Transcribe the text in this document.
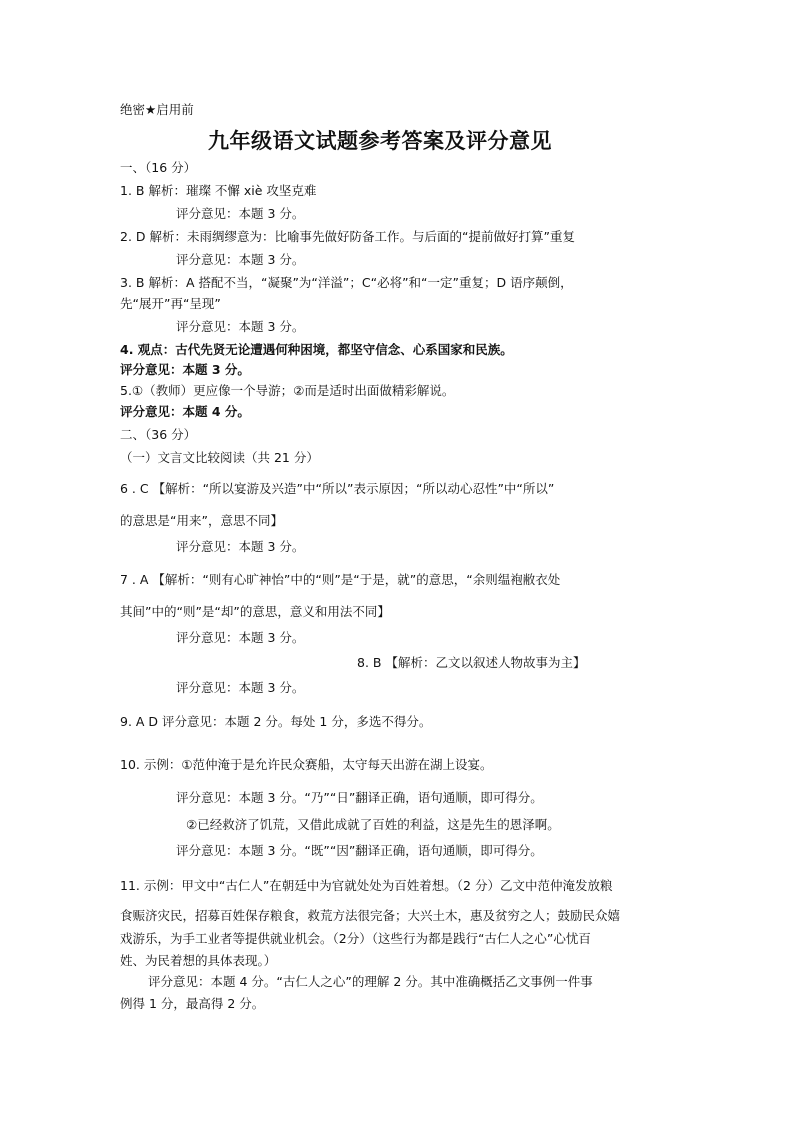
绝密★启用前
九年级语文试题参考答案及评分意见
一、（16 分）
1. B 解析：璀璨 不懈 xiè 攻坚克难
评分意见：本题 3 分。
2. D 解析：未雨绸缪意为：比喻事先做好防备工作。与后面的“提前做好打算”重复
评分意见：本题 3 分。
3. B 解析：A 搭配不当，“凝聚”为“洋溢”；C“必将”和“一定”重复；D 语序颠倒，
先“展开”再“呈现”
评分意见：本题 3 分。
4. 观点：古代先贤无论遭遇何种困境，都坚守信念、心系国家和民族。
评分意见：本题 3 分。
5.①（教师）更应像一个导游；②而是适时出面做精彩解说。
评分意见：本题 4 分。
二、（36 分）
（一）文言文比较阅读（共 21 分）
6 . C 【解析：“所以宴游及兴造”中“所以”表示原因；“所以动心忍性”中“所以”
的意思是“用来”，意思不同】
评分意见：本题 3 分。
7 . A 【解析：“则有心旷神怡”中的“则”是“于是，就”的意思，“余则缊袍敝衣处
其间”中的“则”是“却”的意思，意义和用法不同】
评分意见：本题 3 分。
8. B 【解析：乙文以叙述人物故事为主】
评分意见：本题 3 分。
9. A D 评分意见：本题 2 分。每处 1 分，多选不得分。
10. 示例：①范仲淹于是允许民众赛船，太守每天出游在湖上设宴。
评分意见：本题 3 分。“乃”“日”翻译正确，语句通顺，即可得分。
②已经救济了饥荒，又借此成就了百姓的利益，这是先生的恩泽啊。
评分意见：本题 3 分。“既”“因”翻译正确，语句通顺，即可得分。
11. 示例：甲文中“古仁人”在朝廷中为官就处处为百姓着想。（2 分）乙文中范仲淹发放粮
食赈济灾民，招募百姓保存粮食，救荒方法很完备；大兴土木，惠及贫穷之人；鼓励民众嬉
戏游乐，为手工业者等提供就业机会。（2分）（这些行为都是践行“古仁人之心”心忧百
姓、为民着想的具体表现。）
评分意见：本题 4 分。“古仁人之心”的理解 2 分。其中准确概括乙文事例一件事
例得 1 分，最高得 2 分。
